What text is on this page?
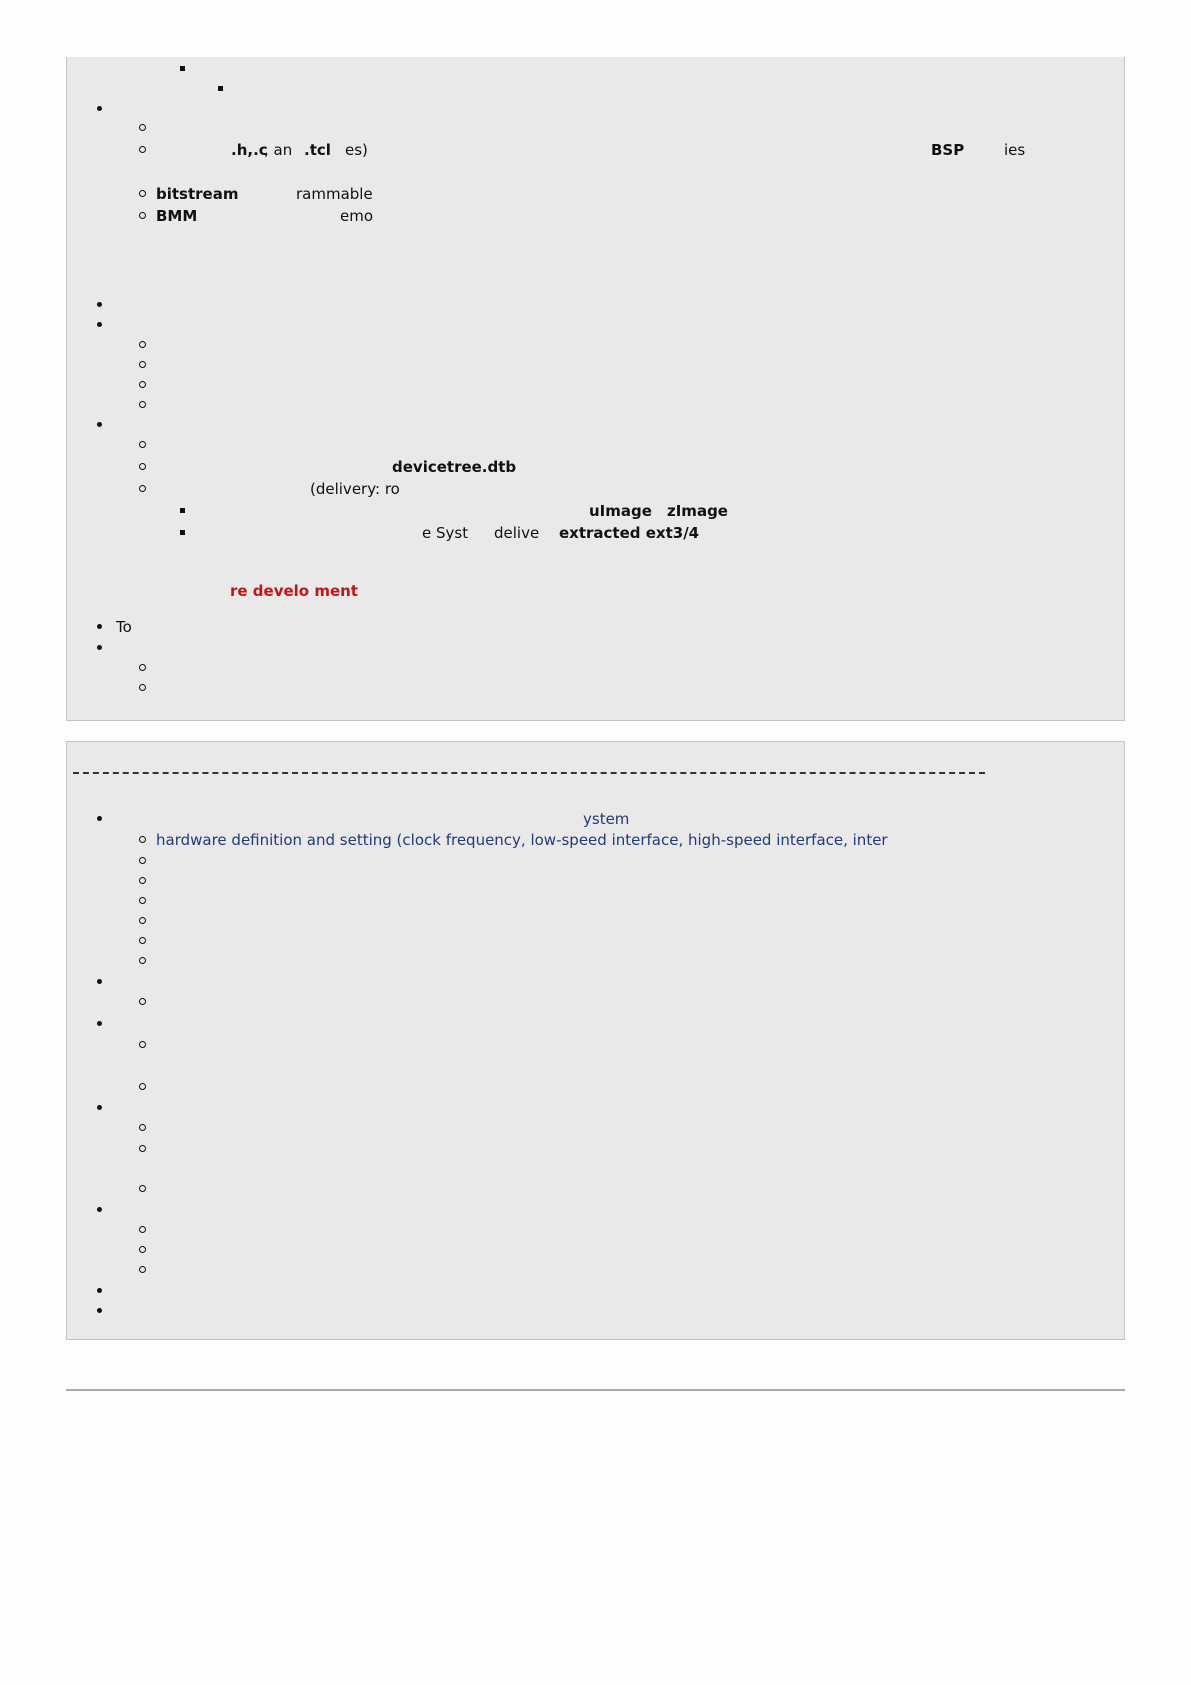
.h,.c
, an .tcl es)	BSP	ies
bitstream	rammable
BMM	emo
devicetree.dtb
(delivery: ro
uImage zImage
e Syst delive extracted ext3/4
re develo ment
To
ystem
hardware definition and setting (clock frequency, low-speed interface, high-speed interface, inter
